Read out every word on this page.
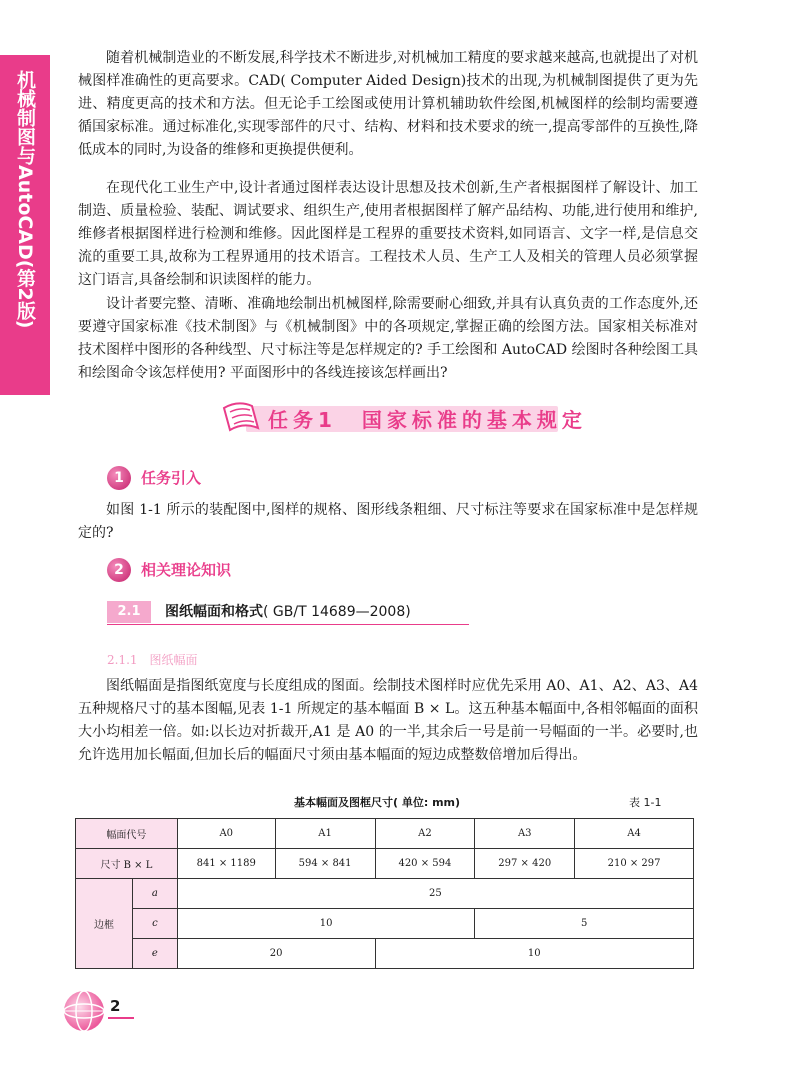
机械制图与AutoCAD(第2版)

随着机械制造业的不断发展,科学技术不断进步,对机械加工精度的要求越来越高,也就提出了对机械图样准确性的更高要求。CAD( Computer Aided Design)技术的出现,为机械制图提供了更为先进、精度更高的技术和方法。但无论手工绘图或使用计算机辅助软件绘图,机械图样的绘制均需要遵循国家标准。通过标准化,实现零部件的尺寸、结构、材料和技术要求的统一,提高零部件的互换性,降低成本的同时,为设备的维修和更换提供便利。

在现代化工业生产中,设计者通过图样表达设计思想及技术创新,生产者根据图样了解设计、加工制造、质量检验、装配、调试要求、组织生产,使用者根据图样了解产品结构、功能,进行使用和维护,维修者根据图样进行检测和维修。因此图样是工程界的重要技术资料,如同语言、文字一样,是信息交流的重要工具,故称为工程界通用的技术语言。工程技术人员、生产工人及相关的管理人员必须掌握这门语言,具备绘制和识读图样的能力。

设计者要完整、清晰、准确地绘制出机械图样,除需要耐心细致,并具有认真负责的工作态度外,还要遵守国家标准《技术制图》与《机械制图》中的各项规定,掌握正确的绘图方法。国家相关标准对技术图样中图形的各种线型、尺寸标注等是怎样规定的? 手工绘图和 AutoCAD 绘图时各种绘图工具和绘图命令该怎样使用? 平面图形中的各线连接该怎样画出?

任务1　国家标准的基本规定
1	任务引入

如图 1-1 所示的装配图中,图样的规格、图形线条粗细、尺寸标注等要求在国家标准中是怎样规定的?

2	相关理论知识
2.1	图纸幅面和格式( GB/T 14689—2008)
2.1.1　图纸幅面

图纸幅面是指图纸宽度与长度组成的图面。绘制技术图样时应优先采用 A0、A1、A2、A3、A4 五种规格尺寸的基本图幅,见表 1-1 所规定的基本幅面 B × L。这五种基本幅面中,各相邻幅面的面积大小均相差一倍。如:以长边对折裁开,A1 是 A0 的一半,其余后一号是前一号幅面的一半。必要时,也允许选用加长幅面,但加长后的幅面尺寸须由基本幅面的短边成整数倍增加后得出。

基本幅面及图框尺寸( 单位: mm)	表 1-1
幅面代号		A0	A1	A2	A3	A4
尺寸 B × L		841 × 1189	594 × 841	420 × 594	297 × 420	210 × 297
边框	a	25				
	c	10			5	
	e	20		10		
2
